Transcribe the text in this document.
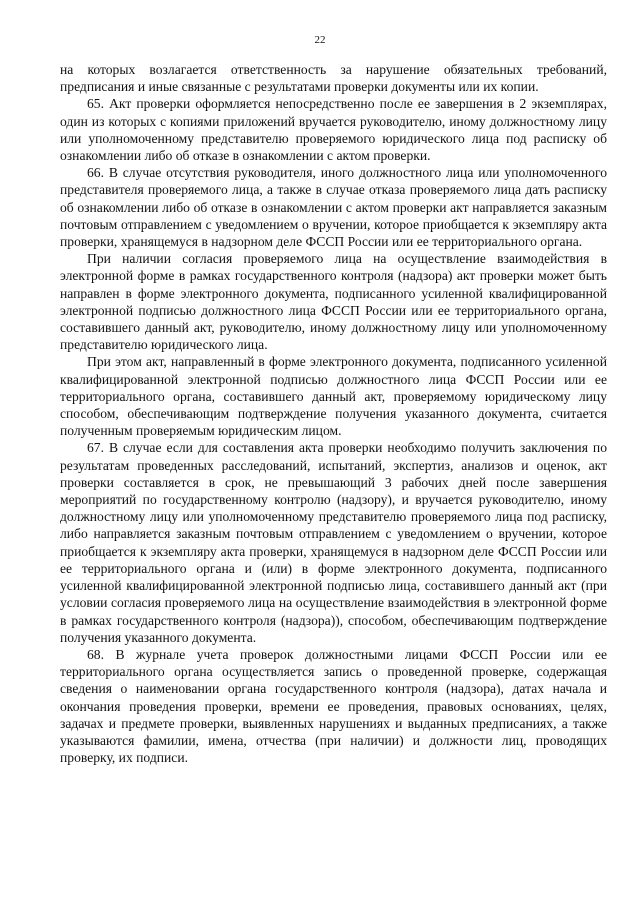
22

на которых возлагается ответственность за нарушение обязательных требований, предписания и иные связанные с результатами проверки документы или их копии.

65. Акт проверки оформляется непосредственно после ее завершения в 2 экземплярах, один из которых с копиями приложений вручается руководителю, иному должностному лицу или уполномоченному представителю проверяемого юридического лица под расписку об ознакомлении либо об отказе в ознакомлении с актом проверки.

66. В случае отсутствия руководителя, иного должностного лица или уполномоченного представителя проверяемого лица, а также в случае отказа проверяемого лица дать расписку об ознакомлении либо об отказе в ознакомлении с актом проверки акт направляется заказным почтовым отправлением с уведомлением о вручении, которое приобщается к экземпляру акта проверки, хранящемуся в надзорном деле ФССП России или ее территориального органа.

При наличии согласия проверяемого лица на осуществление взаимодействия в электронной форме в рамках государственного контроля (надзора) акт проверки может быть направлен в форме электронного документа, подписанного усиленной квалифицированной электронной подписью должностного лица ФССП России или ее территориального органа, составившего данный акт, руководителю, иному должностному лицу или уполномоченному представителю юридического лица.

При этом акт, направленный в форме электронного документа, подписанного усиленной квалифицированной электронной подписью должностного лица ФССП России или ее территориального органа, составившего данный акт, проверяемому юридическому лицу способом, обеспечивающим подтверждение получения указанного документа, считается полученным проверяемым юридическим лицом.

67. В случае если для составления акта проверки необходимо получить заключения по результатам проведенных расследований, испытаний, экспертиз, анализов и оценок, акт проверки составляется в срок, не превышающий 3 рабочих дней после завершения мероприятий по государственному контролю (надзору), и вручается руководителю, иному должностному лицу или уполномоченному представителю проверяемого лица под расписку, либо направляется заказным почтовым отправлением с уведомлением о вручении, которое приобщается к экземпляру акта проверки, хранящемуся в надзорном деле ФССП России или ее территориального органа и (или) в форме электронного документа, подписанного усиленной квалифицированной электронной подписью лица, составившего данный акт (при условии согласия проверяемого лица на осуществление взаимодействия в электронной форме в рамках государственного контроля (надзора)), способом, обеспечивающим подтверждение получения указанного документа.

68. В журнале учета проверок должностными лицами ФССП России или ее территориального органа осуществляется запись о проведенной проверке, содержащая сведения о наименовании органа государственного контроля (надзора), датах начала и окончания проведения проверки, времени ее проведения, правовых основаниях, целях, задачах и предмете проверки, выявленных нарушениях и выданных предписаниях, а также указываются фамилии, имена, отчества (при наличии) и должности лиц, проводящих проверку, их подписи.
